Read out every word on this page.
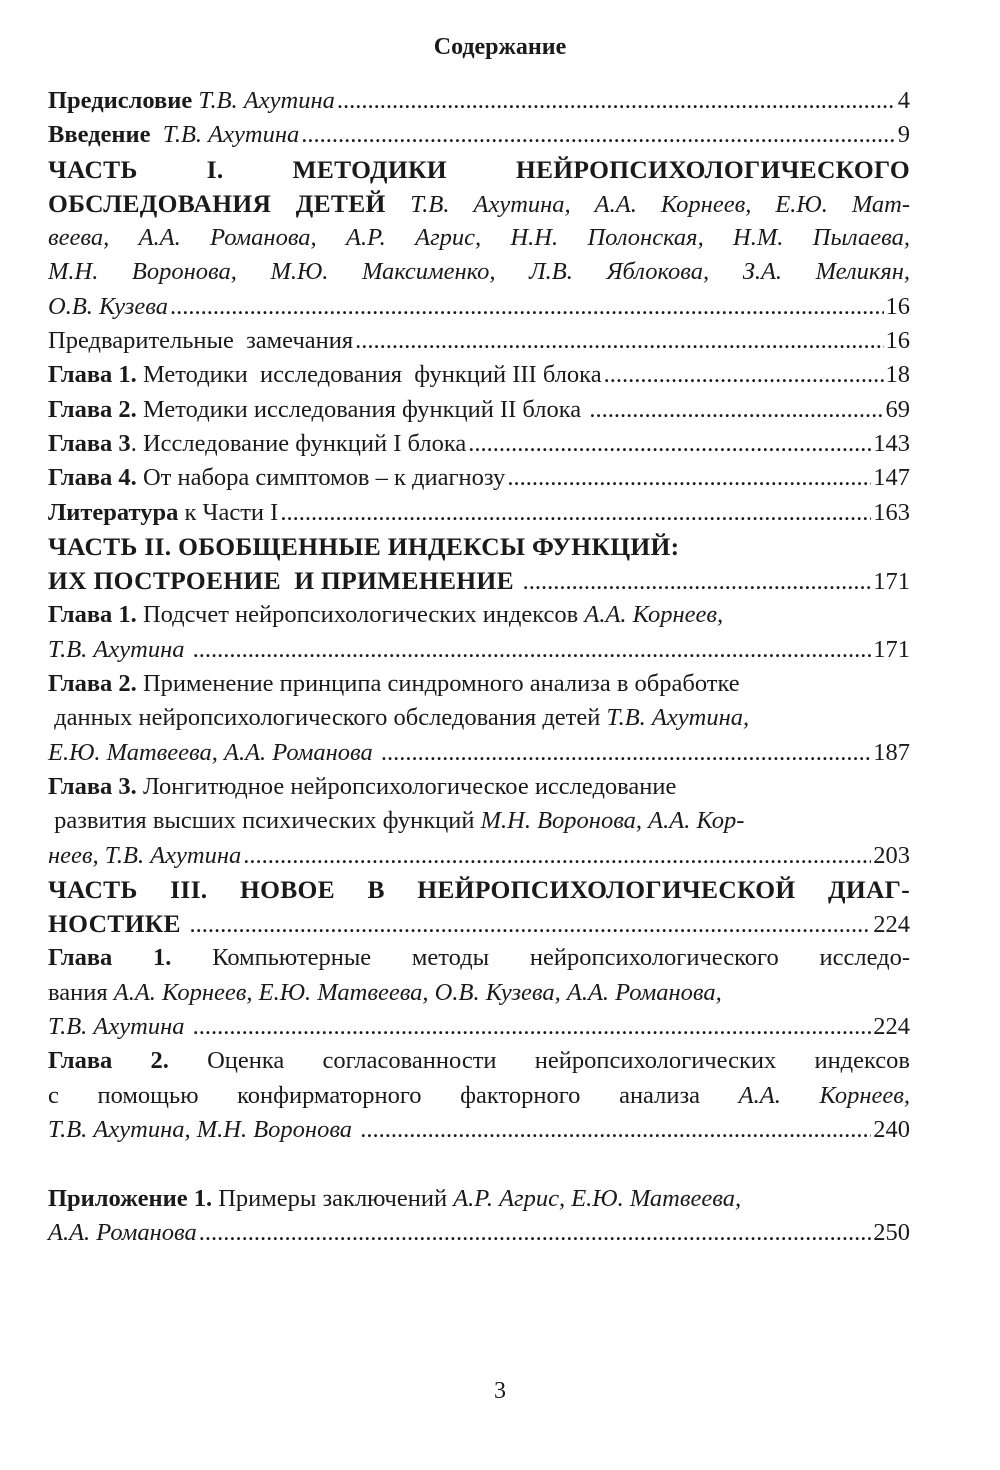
Содержание
Предисловие Т.В. Ахутина .....	4
Введение Т.В. Ахутина .....	9
ЧАСТЬ I. МЕТОДИКИ НЕЙРОПСИХОЛОГИЧЕСКОГО
ОБСЛЕДОВАНИЯ ДЕТЕЙ Т.В. Ахутина, А.А. Корнеев, Е.Ю. Мат-
веева, А.А. Романова, А.Р. Агрис, Н.Н. Полонская, Н.М. Пылаева,
М.Н. Воронова, М.Ю. Максименко, Л.В. Яблокова, З.А. Меликян,
О.В. Кузева .....	16
Предварительные  замечания .....	16
Глава 1. Методики  исследования  функций III блока .....	18
Глава 2. Методики исследования функций II блока .....	69
Глава 3 . Исследование функций I блока .....	143
Глава 4. От набора симптомов – к диагнозу .....	147
Литература к Части I .....	163
ЧАСТЬ II. ОБОБЩЕННЫЕ ИНДЕКСЫ ФУНКЦИЙ:
ИХ ПОСТРОЕНИЕ  И ПРИМЕНЕНИЕ .....	171
Глава 1. Подсчет нейропсихологических индексов А.А. Корнеев,
Т.В. Ахутина .....	171
Глава 2. Применение принципа синдромного анализа в обработке
данных нейропсихологического обследования детей Т.В. Ахутина,
Е.Ю. Матвеева, А.А. Романова .....	187
Глава 3. Лонгитюдное нейропсихологическое исследование
развития высших психических функций М.Н. Воронова, А.А. Кор-
неев, Т.В. Ахутина .....	203
ЧАСТЬ III. НОВОЕ В НЕЙРОПСИХОЛОГИЧЕСКОЙ ДИАГ-
НОСТИКЕ .....	224
Глава 1. Компьютерные методы нейропсихологического исследо-
вания А.А. Корнеев, Е.Ю. Матвеева, О.В. Кузева, А.А. Романова,
Т.В. Ахутина .....	224
Глава 2. Оценка согласованности нейропсихологических индексов
с помощью конфирматорного факторного анализа А.А. Корнеев,
Т.В. Ахутина, М.Н. Воронова .....	240
Приложение 1. Примеры заключений А.Р. Агрис, Е.Ю. Матвеева,
А.А. Романова .....	250
3
